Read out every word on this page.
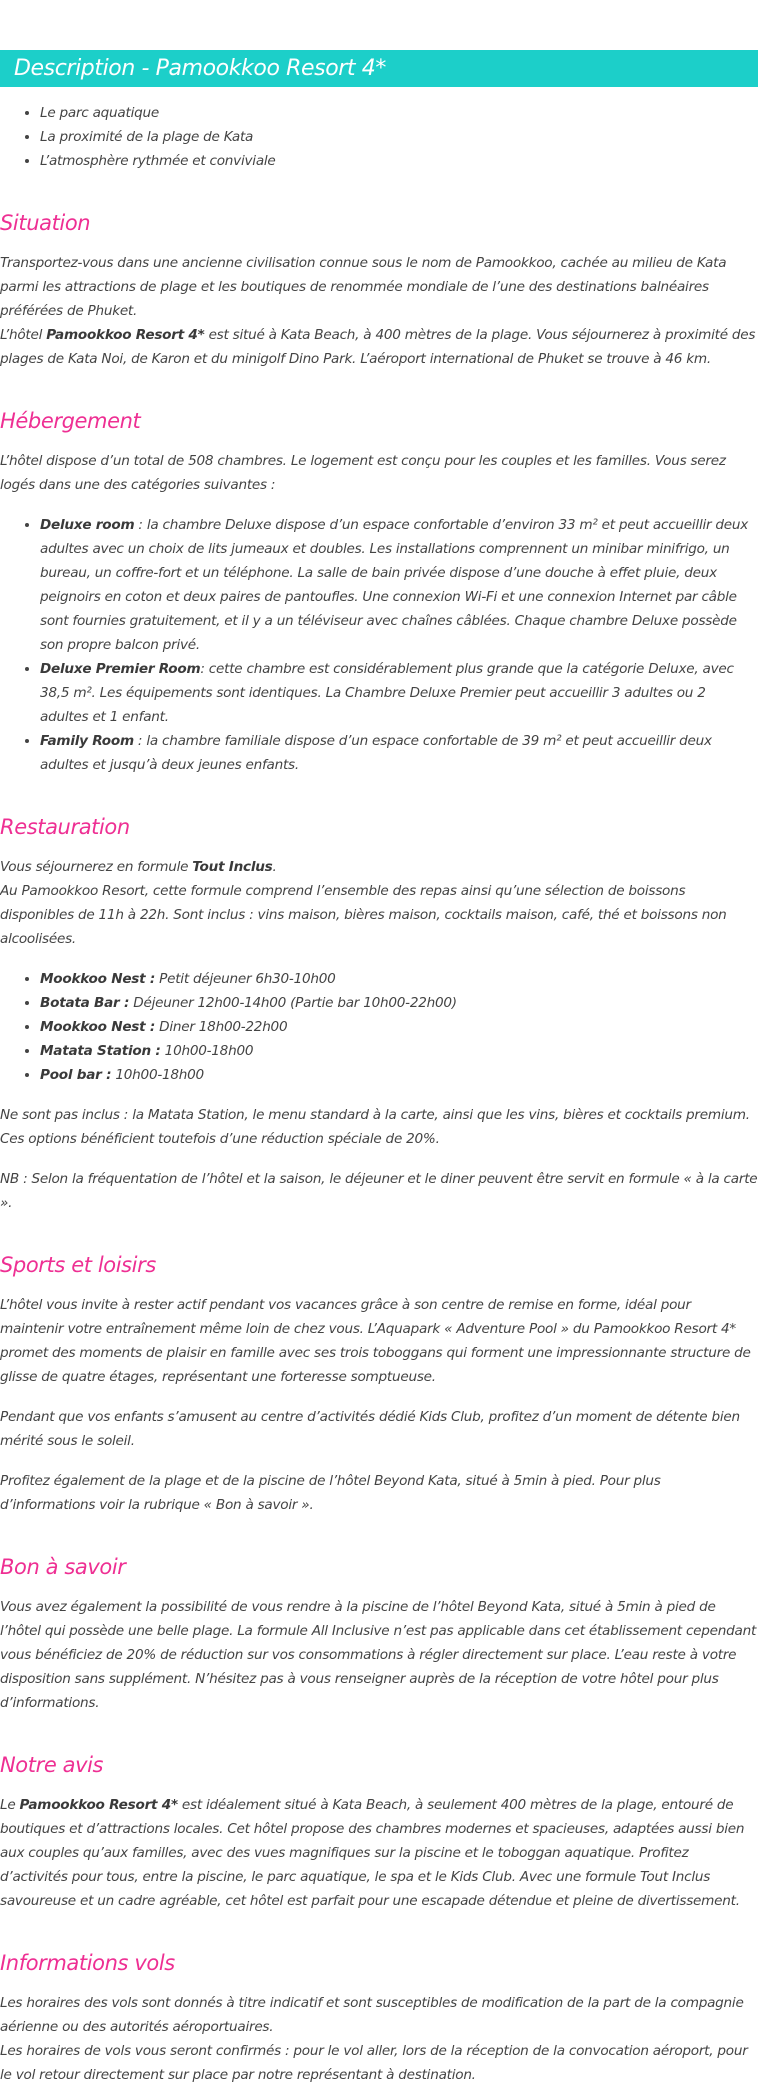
Description - Pamookkoo Resort 4*
• Le parc aquatique
• La proximité de la plage de Kata
• L’atmosphère rythmée et conviviale
Situation

Transportez-vous dans une ancienne civilisation connue sous le nom de Pamookkoo, cachée au milieu de Kata parmi les attractions de plage et les boutiques de renommée mondiale de l’une des destinations balnéaires préférées de Phuket.

L’hôtel Pamookkoo Resort 4* est situé à Kata Beach, à 400 mètres de la plage. Vous séjournerez à proximité des plages de Kata Noi, de Karon et du minigolf Dino Park. L’aéroport international de Phuket se trouve à 46 km.

Hébergement

L’hôtel dispose d’un total de 508 chambres. Le logement est conçu pour les couples et les familles. Vous serez logés dans une des catégories suivantes :

• Deluxe room : la chambre Deluxe dispose d’un espace confortable d’environ 33 m² et peut accueillir deux adultes avec un choix de lits jumeaux et doubles. Les installations comprennent un minibar minifrigo, un bureau, un coffre-fort et un téléphone. La salle de bain privée dispose d’une douche à effet pluie, deux peignoirs en coton et deux paires de pantoufles. Une connexion Wi-Fi et une connexion Internet par câble sont fournies gratuitement, et il y a un téléviseur avec chaînes câblées. Chaque chambre Deluxe possède son propre balcon privé.
• Deluxe Premier Room: cette chambre est considérablement plus grande que la catégorie Deluxe, avec 38,5 m². Les équipements sont identiques. La Chambre Deluxe Premier peut accueillir 3 adultes ou 2 adultes et 1 enfant.
• Family Room : la chambre familiale dispose d’un espace confortable de 39 m² et peut accueillir deux adultes et jusqu’à deux jeunes enfants.
Restauration

Vous séjournerez en formule Tout Inclus.

Au Pamookkoo Resort, cette formule comprend l’ensemble des repas ainsi qu’une sélection de boissons disponibles de 11h à 22h. Sont inclus : vins maison, bières maison, cocktails maison, café, thé et boissons non alcoolisées.

• Mookkoo Nest : Petit déjeuner 6h30-10h00
• Botata Bar : Déjeuner 12h00-14h00 (Partie bar 10h00-22h00)
• Mookkoo Nest : Diner 18h00-22h00
• Matata Station : 10h00-18h00
• Pool bar : 10h00-18h00

Ne sont pas inclus : la Matata Station, le menu standard à la carte, ainsi que les vins, bières et cocktails premium. Ces options bénéficient toutefois d’une réduction spéciale de 20%.

NB : Selon la fréquentation de l’hôtel et la saison, le déjeuner et le diner peuvent être servit en formule « à la carte ».

Sports et loisirs

L’hôtel vous invite à rester actif pendant vos vacances grâce à son centre de remise en forme, idéal pour maintenir votre entraînement même loin de chez vous. L’Aquapark « Adventure Pool » du Pamookkoo Resort 4* promet des moments de plaisir en famille avec ses trois toboggans qui forment une impressionnante structure de glisse de quatre étages, représentant une forteresse somptueuse.

Pendant que vos enfants s’amusent au centre d’activités dédié Kids Club, profitez d’un moment de détente bien mérité sous le soleil.

Profitez également de la plage et de la piscine de l’hôtel Beyond Kata, situé à 5min à pied. Pour plus d’informations voir la rubrique « Bon à savoir ».

Bon à savoir

Vous avez également la possibilité de vous rendre à la piscine de l’hôtel Beyond Kata, situé à 5min à pied de l’hôtel qui possède une belle plage. La formule All Inclusive n’est pas applicable dans cet établissement cependant vous bénéficiez de 20% de réduction sur vos consommations à régler directement sur place. L’eau reste à votre disposition sans supplément. N’hésitez pas à vous renseigner auprès de la réception de votre hôtel pour plus d’informations.

Notre avis

Le Pamookkoo Resort 4* est idéalement situé à Kata Beach, à seulement 400 mètres de la plage, entouré de boutiques et d’attractions locales. Cet hôtel propose des chambres modernes et spacieuses, adaptées aussi bien aux couples qu’aux familles, avec des vues magnifiques sur la piscine et le toboggan aquatique. Profitez d’activités pour tous, entre la piscine, le parc aquatique, le spa et le Kids Club. Avec une formule Tout Inclus savoureuse et un cadre agréable, cet hôtel est parfait pour une escapade détendue et pleine de divertissement.

Informations vols

Les horaires des vols sont donnés à titre indicatif et sont susceptibles de modification de la part de la compagnie aérienne ou des autorités aéroportuaires.

Les horaires de vols vous seront confirmés : pour le vol aller, lors de la réception de la convocation aéroport, pour le vol retour directement sur place par notre représentant à destination.
